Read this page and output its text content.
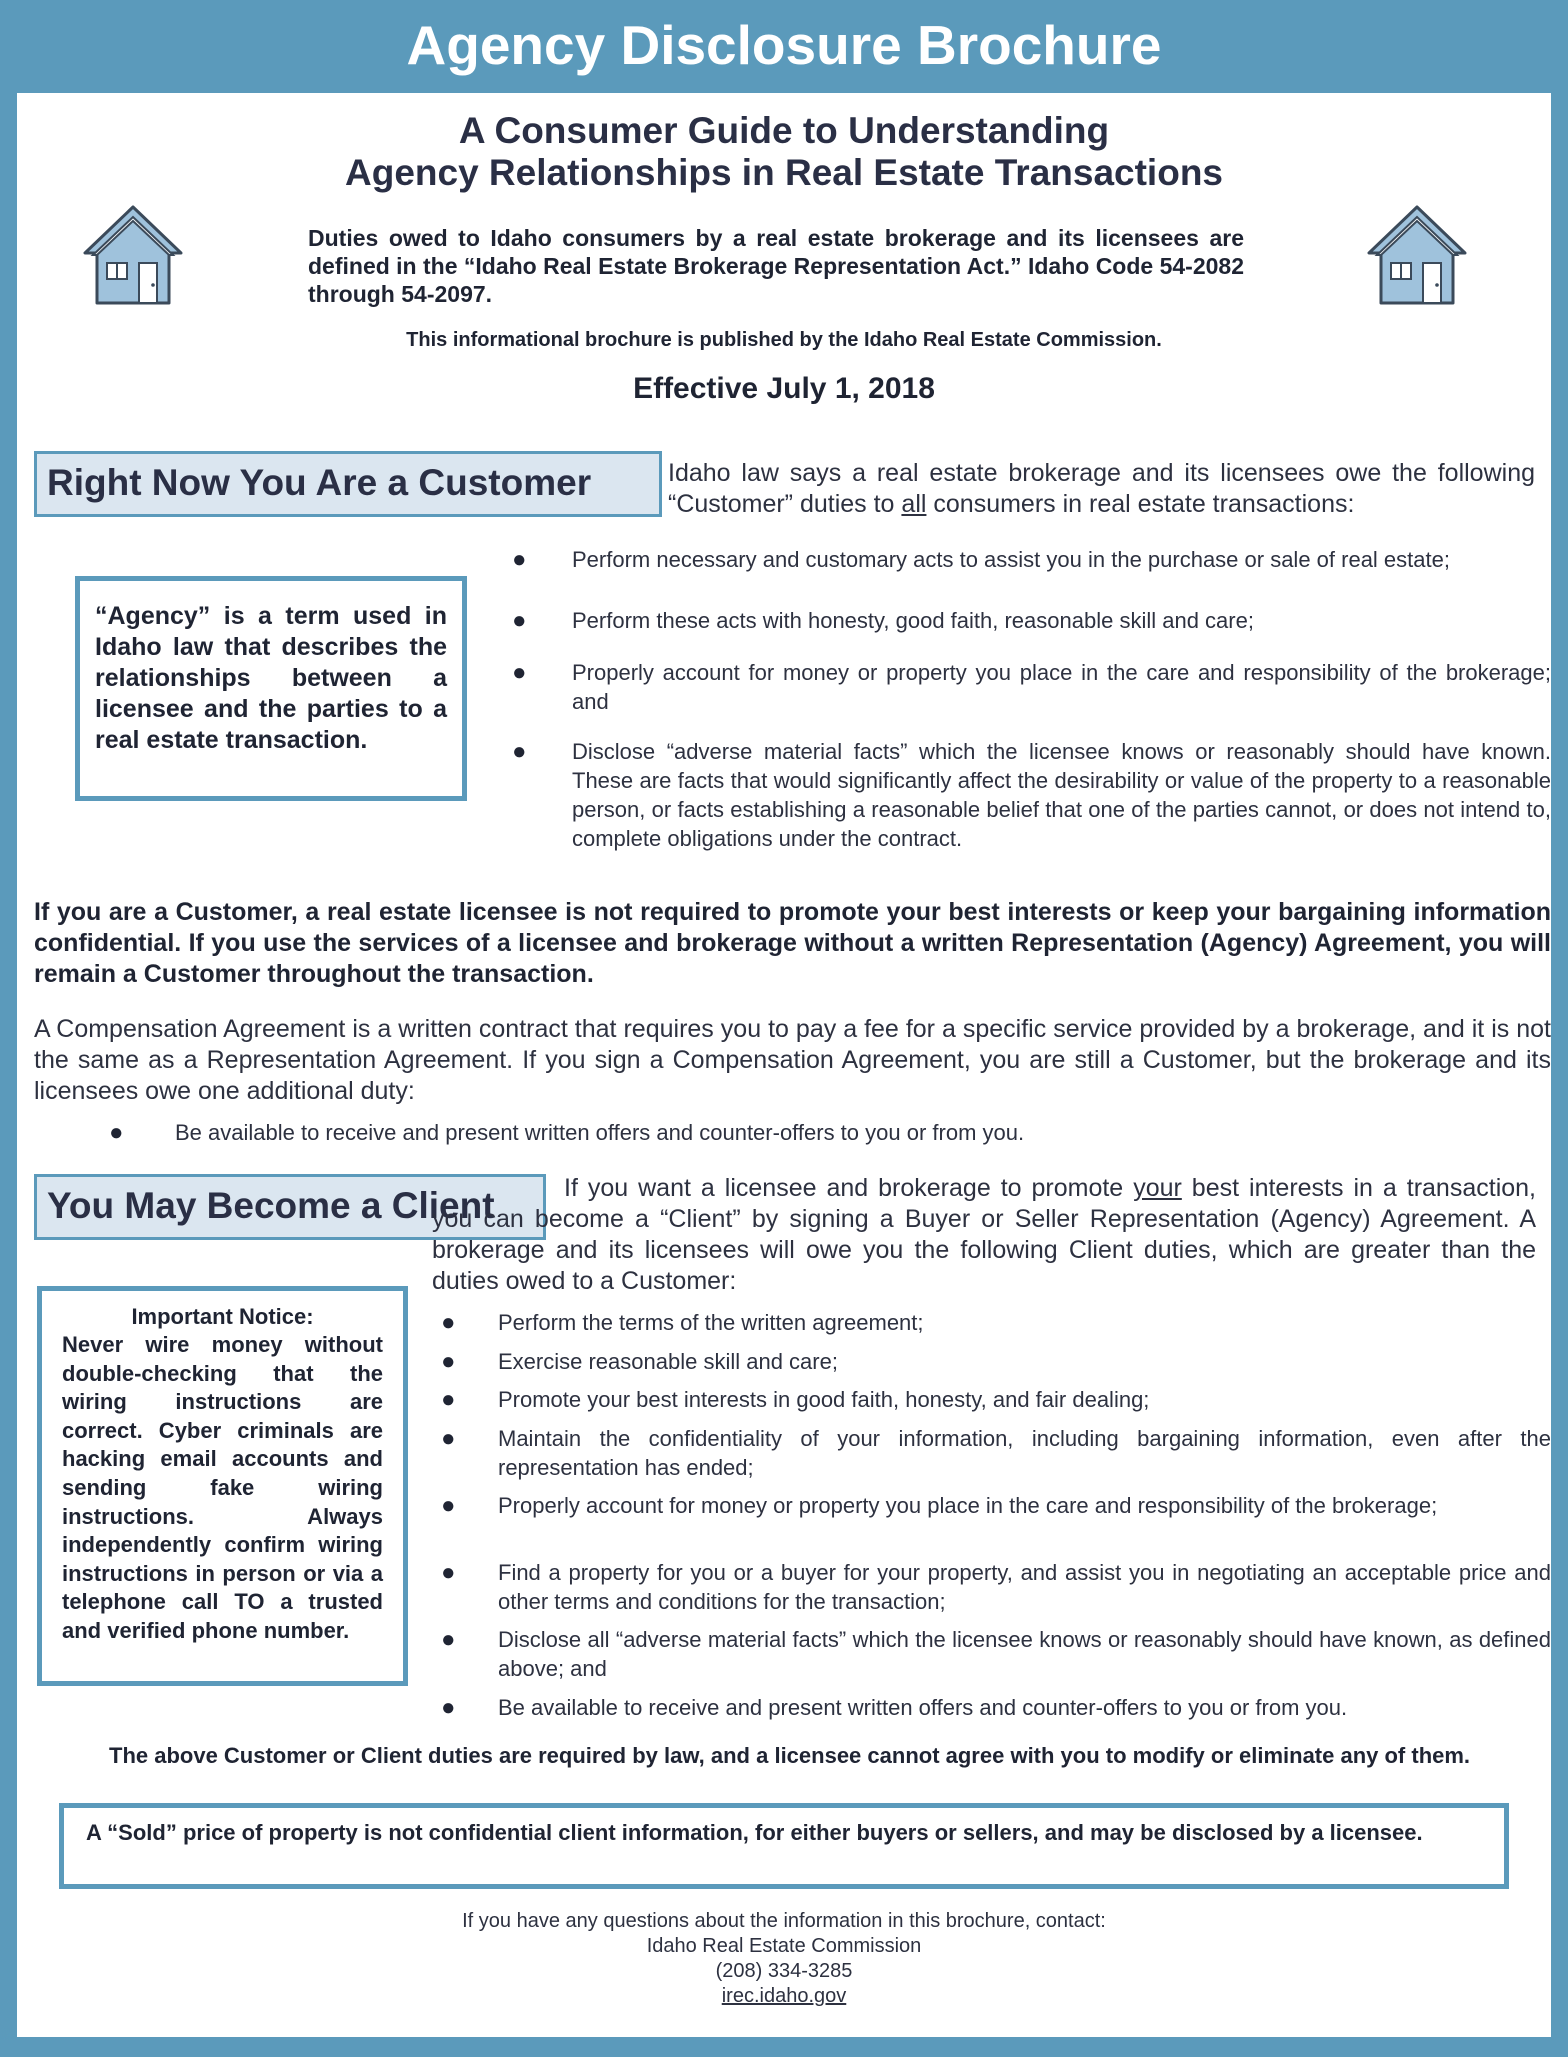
Agency Disclosure Brochure
A Consumer Guide to Understanding
Agency Relationships in Real Estate Transactions

Duties owed to Idaho consumers by a real estate brokerage and its licensees are defined in the “Idaho Real Estate Brokerage Representation Act.” Idaho Code 54-2082 through 54-2097.

This informational brochure is published by the Idaho Real Estate Commission.

Effective July 1, 2018

Right Now You Are a Customer	Idaho law says a real estate brokerage and its licensees owe the following “Customer” duties to all consumers in real estate transactions:

“Agency” is a term used in Idaho law that describes the relationships between a licensee and the parties to a real estate transaction.

● Perform necessary and customary acts to assist you in the purchase or sale of real estate;
● Perform these acts with honesty, good faith, reasonable skill and care;
● Properly account for money or property you place in the care and responsibility of the brokerage; and
● Disclose “adverse material facts” which the licensee knows or reasonably should have known. These are facts that would significantly affect the desirability or value of the property to a reasonable person, or facts establishing a reasonable belief that one of the parties cannot, or does not intend to, complete obligations under the contract.

If you are a Customer, a real estate licensee is not required to promote your best interests or keep your bargaining information confidential. If you use the services of a licensee and brokerage without a written Representation (Agency) Agreement, you will remain a Customer throughout the transaction.

A Compensation Agreement is a written contract that requires you to pay a fee for a specific service provided by a brokerage, and it is not the same as a Representation Agreement. If you sign a Compensation Agreement, you are still a Customer, but the brokerage and its licensees owe one additional duty:

● Be available to receive and present written offers and counter-offers to you or from you.
You May Become a Client	If you want a licensee and brokerage to promote your best interests in a transaction, you can become a “Client” by signing a Buyer or Seller Representation (Agency) Agreement. A brokerage and its licensees will owe you the following Client duties, which are greater than the duties owed to a Customer:

Important Notice:

Never wire money without double-checking that the wiring instructions are correct. Cyber criminals are hacking email accounts and sending fake wiring instructions. Always independently confirm wiring instructions in person or via a telephone call TO a trusted and verified phone number.

● Perform the terms of the written agreement;
● Exercise reasonable skill and care;
● Promote your best interests in good faith, honesty, and fair dealing;
● Maintain the confidentiality of your information, including bargaining information, even after the representation has ended;
● Properly account for money or property you place in the care and responsibility of the brokerage;
● Find a property for you or a buyer for your property, and assist you in negotiating an acceptable price and other terms and conditions for the transaction;
● Disclose all “adverse material facts” which the licensee knows or reasonably should have known, as defined above; and
● Be available to receive and present written offers and counter-offers to you or from you.

The above Customer or Client duties are required by law, and a licensee cannot agree with you to modify or eliminate any of them.

A “Sold” price of property is not confidential client information, for either buyers or sellers, and may be disclosed by a licensee.

If you have any questions about the information in this brochure, contact:

Idaho Real Estate Commission

(208) 334-3285

irec.idaho.gov
